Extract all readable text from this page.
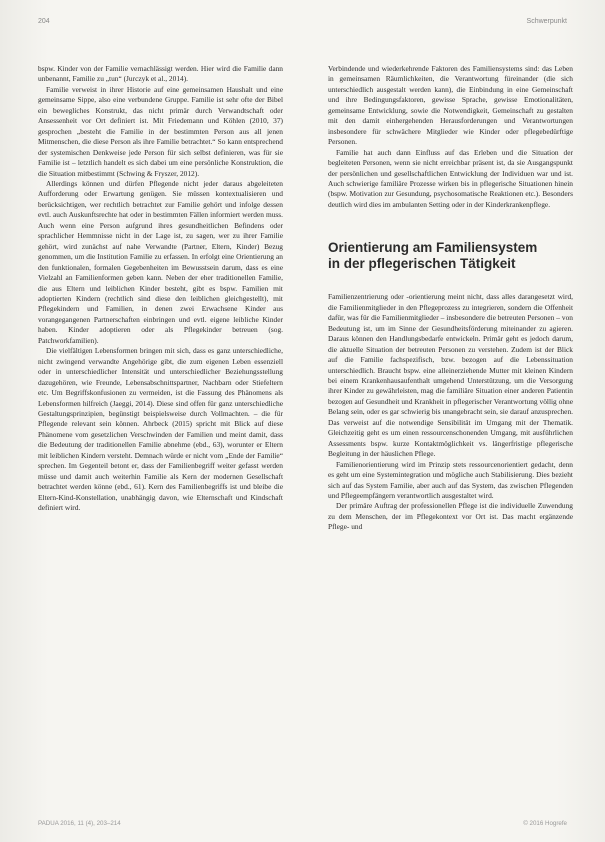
204	Schwerpunkt

bspw. Kinder von der Familie vernachlässigt werden. Hier wird die Familie dann unbenannt, Familie zu „tun“ (Jurczyk et al., 2014).

Familie verweist in ihrer Historie auf eine gemeinsamen Haushalt und eine gemeinsame Sippe, also eine verbundene Gruppe. Familie ist sehr ofte der Bibel ein bewegliches Konstrukt, das nicht primär durch Verwandtschaft oder Ansessenheit vor Ort definiert ist. Mit Friedemann und Köhlen (2010, 37) gesprochen „besteht die Familie in der bestimmten Person aus all jenen Mitmenschen, die diese Person als ihre Familie betrachtet.“ So kann entsprechend der systemischen Denkweise jede Person für sich selbst definieren, was für sie Familie ist – letztlich handelt es sich dabei um eine persönliche Konstruktion, die die Situation mitbestimmt (Schwing & Fryszer, 2012).

Allerdings können und dürfen Pflegende nicht jeder daraus abgeleiteten Aufforderung oder Erwartung genügen. Sie müssen kontextualisieren und berücksichtigen, wer rechtlich betrachtet zur Familie gehört und infolge dessen evtl. auch Auskunftsrechte hat oder in bestimmten Fällen informiert werden muss. Auch wenn eine Person aufgrund ihres gesundheitlichen Befindens oder sprachlicher Hemmnisse nicht in der Lage ist, zu sagen, wer zu ihrer Familie gehört, wird zunächst auf nahe Verwandte (Partner, Eltern, Kinder) Bezug genommen, um die Institution Familie zu erfassen. In erfolgt eine Orientierung an den funktionalen, formalen Gegebenheiten im Bewusstsein darum, dass es eine Vielzahl an Familienformen geben kann. Neben der eher traditionellen Familie, die aus Eltern und leiblichen Kinder besteht, gibt es bspw. Familien mit adoptierten Kindern (rechtlich sind diese den leiblichen gleichgestellt), mit Pflegekindern und Familien, in denen zwei Erwachsene Kinder aus vorangegangenen Partnerschaften einbringen und evtl. eigene leibliche Kinder haben. Kinder adoptieren oder als Pflegekinder betreuen (sog. Patchworkfamilien).

Die vielfältigen Lebensformen bringen mit sich, dass es ganz unterschiedliche, nicht zwingend verwandte Angehörige gibt, die zum eigenen Leben essenziell oder in unterschiedlicher Intensität und unterschiedlicher Beziehungsstellung dazugehören, wie Freunde, Lebensabschnittspartner, Nachbarn oder Stiefeltern etc. Um Begriffskonfusionen zu vermeiden, ist die Fassung des Phänomens als Lebensformen hilfreich (Jaeggi, 2014). Diese sind offen für ganz unterschiedliche Gestaltungsprinzipien, begünstigt beispielsweise durch Vollmachten. – die für Pflegende relevant sein können. Ahrbeck (2015) spricht mit Blick auf diese Phänomene vom gesetzlichen Verschwinden der Familien und meint damit, dass die Bedeutung der traditionellen Familie abnehme (ebd., 63), worunter er Eltern mit leiblichen Kindern versteht. Demnach würde er nicht vom „Ende der Familie“ sprechen. Im Gegenteil betont er, dass der Familienbegriff weiter gefasst werden müsse und damit auch weiterhin Familie als Kern der modernen Gesellschaft betrachtet werden könne (ebd., 61). Kern des Familienbegriffs ist und bleibe die Eltern-Kind-Konstellation, unabhängig davon, wie Elternschaft und Kindschaft definiert wird.

Verbindende und wiederkehrende Faktoren des Familiensystems sind: das Leben in gemeinsamen Räumlichkeiten, die Verantwortung füreinander (die sich unterschiedlich ausgestalt werden kann), die Einbindung in eine Gemeinschaft und ihre Bedingungsfaktoren, gewisse Sprache, gewisse Emotionalitäten, gemeinsame Entwicklung, sowie die Notwendigkeit, Gemeinschaft zu gestalten mit den damit einhergehenden Herausforderungen und Verantwortungen insbesondere für schwächere Mitglieder wie Kinder oder pflegebedürftige Personen.

Familie hat auch dann Einfluss auf das Erleben und die Situation der begleiteten Personen, wenn sie nicht erreichbar präsent ist, da sie Ausgangspunkt der persönlichen und gesellschaftlichen Entwicklung der Individuen war und ist. Auch schwierige familiäre Prozesse wirken bis in pflegerische Situationen hinein (bspw. Motivation zur Gesundung, psychosomatische Reaktionen etc.). Besonders deutlich wird dies im ambulanten Setting oder in der Kinderkrankenpflege.

Orientierung am Familiensystem
in der pflegerischen Tätigkeit

Familienzentrierung oder -orientierung meint nicht, dass alles darangesetzt wird, die Familienmitglieder in den Pflegeprozess zu integrieren, sondern die Offenheit dafür, was für die Familienmitglieder – insbesondere die betreuten Personen – von Bedeutung ist, um im Sinne der Gesundheitsförderung miteinander zu agieren. Daraus können den Handlungsbedarfe entwickeln. Primär geht es jedoch darum, die aktuelle Situation der betreuten Personen zu verstehen. Zudem ist der Blick auf die Familie fachspezifisch, bzw. bezogen auf die Lebenssituation unterschiedlich. Braucht bspw. eine alleinerziehende Mutter mit kleinen Kindern bei einem Krankenhausaufenthalt umgehend Unterstützung, um die Versorgung ihrer Kinder zu gewährleisten, mag die familiäre Situation einer anderen Patientin bezogen auf Gesundheit und Krankheit in pflegerischer Verantwortung völlig ohne Belang sein, oder es gar schwierig bis unangebracht sein, sie darauf anzusprechen. Das verweist auf die notwendige Sensibilität im Umgang mit der Thematik. Gleichzeitig geht es um einen ressourcenschonenden Umgang, mit ausführlichen Assessments bspw. kurze Kontaktmöglichkeit vs. längerfristige pflegerische Begleitung in der häuslichen Pflege.

Familienorientierung wird im Prinzip stets ressourcenorientiert gedacht, denn es geht um eine Systemintegration und mögliche auch Stabilisierung. Dies bezieht sich auf das System Familie, aber auch auf das System, das zwischen Pflegenden und Pflegeempfängern verantwortlich ausgestaltet wird.

Der primäre Auftrag der professionellen Pflege ist die individuelle Zuwendung zu dem Menschen, der im Pflegekontext vor Ort ist. Das macht ergänzende Pflege- und

PADUA 2016, 11 (4), 203–214	© 2016 Hogrefe
